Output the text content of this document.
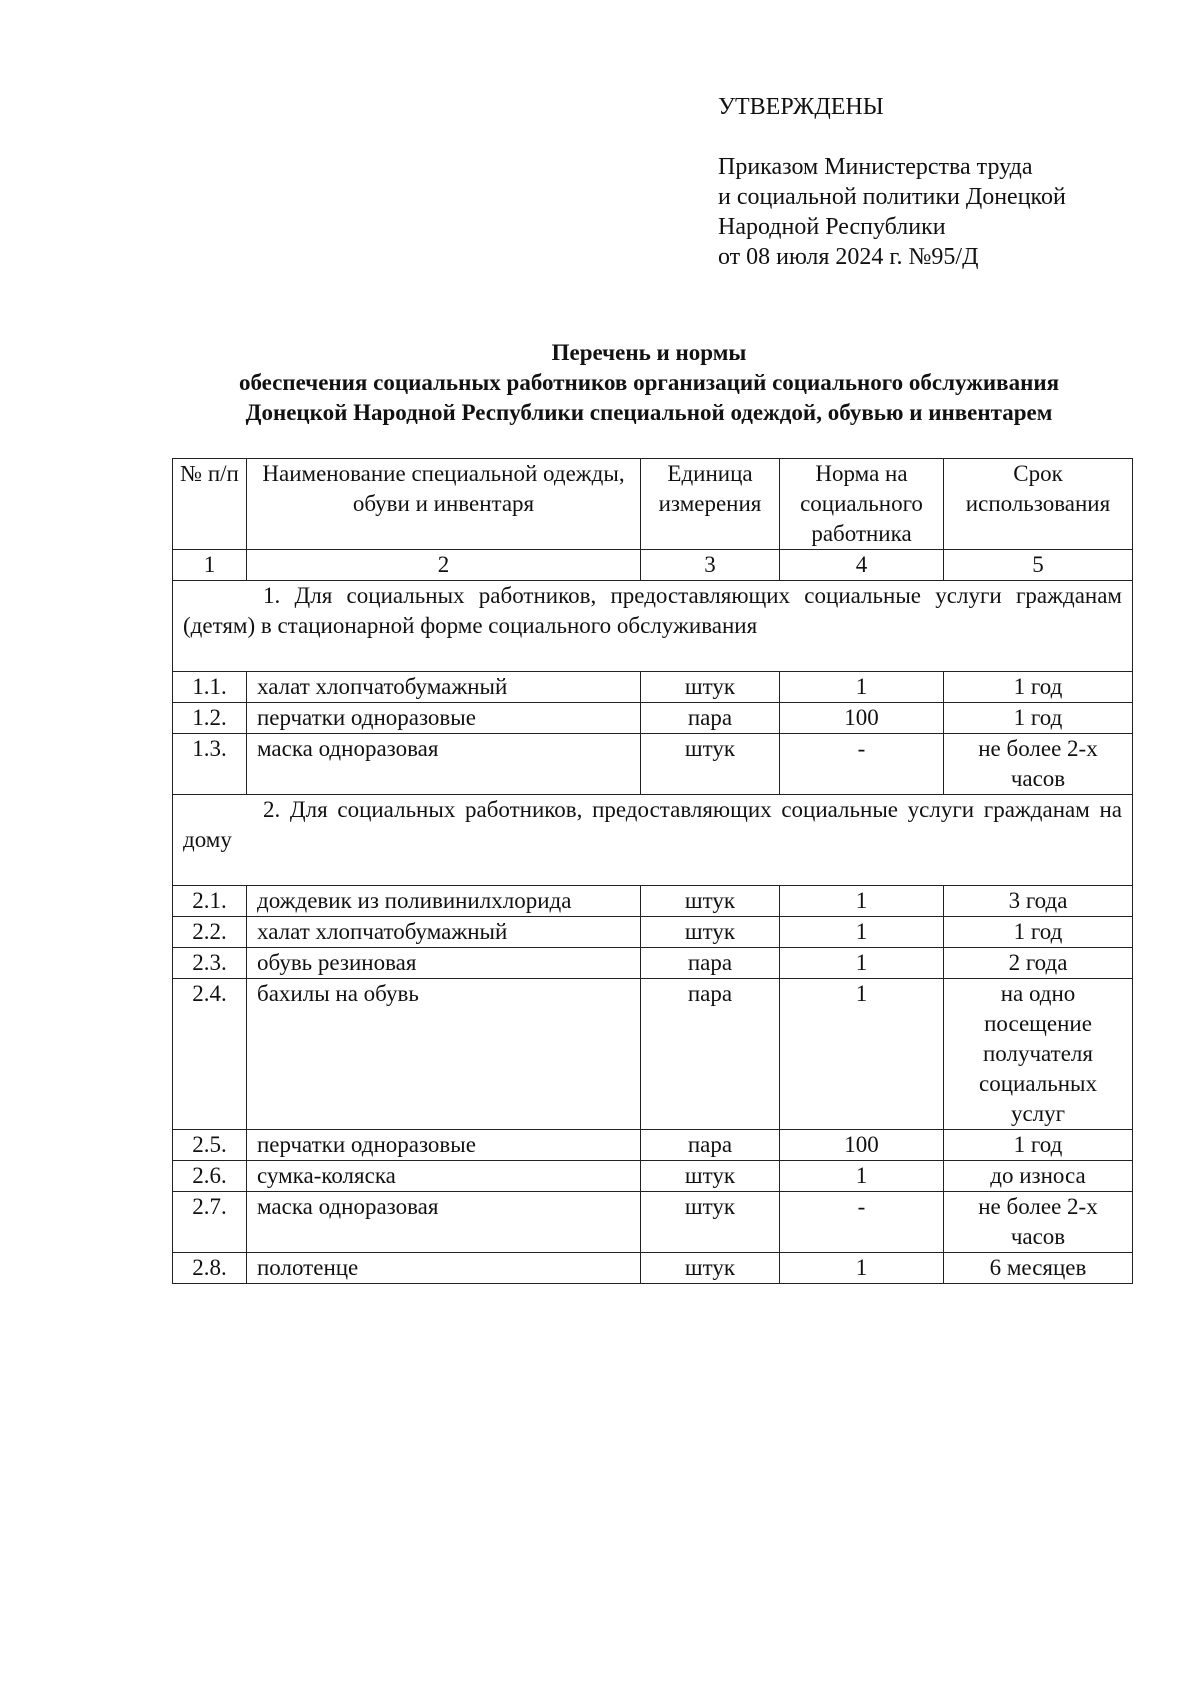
УТВЕРЖДЕНЫ
Приказом Министерства труда
и социальной политики Донецкой
Народной Республики
от 08 июля 2024 г. №95/Д
Перечень и нормы
обеспечения социальных работников организаций социального обслуживания
Донецкой Народной Республики специальной одеждой, обувью и инвентарем
№ п/п	Наименование специальной одежды, обуви и инвентаря	Единица измерения	Норма на социального работника	Срок использования
1	2	3	4	5
1. Для социальных работников, предоставляющих социальные услуги гражданам (детям) в стационарной форме социального обслуживания				
1.1.	халат хлопчатобумажный	штук	1	1 год
1.2.	перчатки одноразовые	пара	100	1 год
1.3.	маска одноразовая	штук	-	не более 2-х часов
2. Для социальных работников, предоставляющих социальные услуги гражданам на дому				
2.1.	дождевик из поливинилхлорида	штук	1	3 года
2.2.	халат хлопчатобумажный	штук	1	1 год
2.3.	обувь резиновая	пара	1	2 года
2.4.	бахилы на обувь	пара	1	на одно посещение получателя социальных услуг
2.5.	перчатки одноразовые	пара	100	1 год
2.6.	сумка-коляска	штук	1	до износа
2.7.	маска одноразовая	штук	-	не более 2-х часов
2.8.	полотенце	штук	1	6 месяцев
